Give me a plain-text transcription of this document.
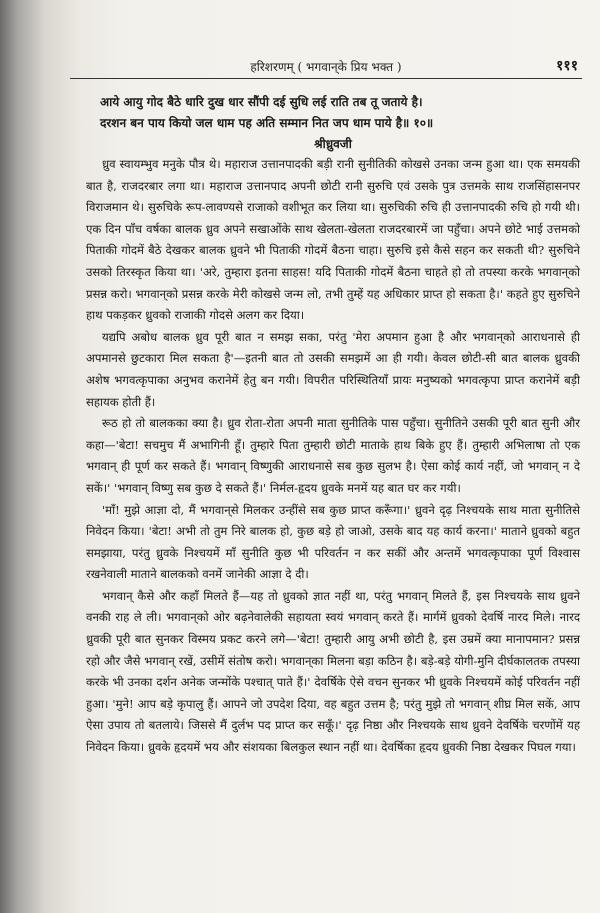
हरिशरणम् ( भगवान्‌के प्रिय भक्त )	१११

आये आयु गोद बैठे धारि दुख धार सौंपी दई सुधि लई राति तब तू जताये है।

दरशन बन पाय कियो जल धाम पह अति सम्मान नित जप धाम पाये है॥ १०॥

श्रीध्रुवजी

ध्रुव स्वायम्भुव मनुके पौत्र थे। महाराज उत्तानपादकी बड़ी रानी सुनीतिकी कोखसे उनका जन्म हुआ था। एक समयकी बात है, राजदरबार लगा था। महाराज उत्तानपाद अपनी छोटी रानी सुरुचि एवं उसके पुत्र उत्तमके साथ राजसिंहासनपर विराजमान थे। सुरुचिके रूप-लावण्यसे राजाको वशीभूत कर लिया था। सुरुचिकी रुचि ही उत्तानपादकी रुचि हो गयी थी। एक दिन पाँच वर्षका बालक ध्रुव अपने सखाओंके साथ खेलता-खेलता राजदरबारमें जा पहुँचा। अपने छोटे भाई उत्तमको पिताकी गोदमें बैठे देखकर बालक ध्रुवने भी पिताकी गोदमें बैठना चाहा। सुरुचि इसे कैसे सहन कर सकती थी? सुरुचिने उसको तिरस्कृत किया था। 'अरे, तुम्हारा इतना साहस! यदि पिताकी गोदमें बैठना चाहते हो तो तपस्या करके भगवान्‌को प्रसन्न करो। भगवान्‌को प्रसन्न करके मेरी कोखसे जन्म लो, तभी तुम्हें यह अधिकार प्राप्त हो सकता है।' कहते हुए सुरुचिने हाथ पकड़कर ध्रुवको राजाकी गोदसे अलग कर दिया।

यद्यपि अबोध बालक ध्रुव पूरी बात न समझ सका, परंतु 'मेरा अपमान हुआ है और भगवान्‌को आराधनासे ही अपमानसे छुटकारा मिल सकता है'—इतनी बात तो उसकी समझमें आ ही गयी। केवल छोटी-सी बात बालक ध्रुवकी अशेष भगवत्कृपाका अनुभव करानेमें हेतु बन गयी। विपरीत परिस्थितियाँ प्रायः मनुष्यको भगवत्कृपा प्राप्त करानेमें बड़ी सहायक होती हैं।

रूठ हो तो बालकका क्या है। ध्रुव रोता-रोता अपनी माता सुनीतिके पास पहुँचा। सुनीतिने उसकी पूरी बात सुनी और कहा—'बेटा! सचमुच मैं अभागिनी हूँ। तुम्हारे पिता तुम्हारी छोटी माताके हाथ बिके हुए हैं। तुम्हारी अभिलाषा तो एक भगवान् ही पूर्ण कर सकते हैं। भगवान् विष्णुकी आराधनासे सब कुछ सुलभ है। ऐसा कोई कार्य नहीं, जो भगवान् न दे सकें।' 'भगवान् विष्णु सब कुछ दे सकते हैं।' निर्मल-हृदय ध्रुवके मनमें यह बात घर कर गयी।

'माँ! मुझे आज्ञा दो, मैं भगवान्‌से मिलकर उन्हींसे सब कुछ प्राप्त करूँगा।' ध्रुवने दृढ़ निश्चयके साथ माता सुनीतिसे निवेदन किया। 'बेटा! अभी तो तुम निरे बालक हो, कुछ बड़े हो जाओ, उसके बाद यह कार्य करना।' माताने ध्रुवको बहुत समझाया, परंतु ध्रुवके निश्चयमें माँ सुनीति कुछ भी परिवर्तन न कर सकीं और अन्तमें भगवत्कृपाका पूर्ण विश्वास रखनेवाली माताने बालकको वनमें जानेकी आज्ञा दे दी।

भगवान् कैसे और कहाँ मिलते हैं—यह तो ध्रुवको ज्ञात नहीं था, परंतु भगवान् मिलते हैं, इस निश्चयके साथ ध्रुवने वनकी राह ले ली। भगवान्‌को ओर बढ़नेवालेकी सहायता स्वयं भगवान् करते हैं। मार्गमें ध्रुवको देवर्षि नारद मिले। नारद ध्रुवकी पूरी बात सुनकर विस्मय प्रकट करने लगे—'बेटा! तुम्हारी आयु अभी छोटी है, इस उम्रमें क्या मानापमान? प्रसन्न रहो और जैसे भगवान् रखें, उसीमें संतोष करो। भगवान्‌का मिलना बड़ा कठिन है। बड़े-बड़े योगी-मुनि दीर्घकालतक तपस्या करके भी उनका दर्शन अनेक जन्मोंके पश्चात् पाते हैं।' देवर्षिके ऐसे वचन सुनकर भी ध्रुवके निश्चयमें कोई परिवर्तन नहीं हुआ। 'मुने! आप बड़े कृपालु हैं। आपने जो उपदेश दिया, वह बहुत उत्तम है; परंतु मुझे तो भगवान् शीघ्र मिल सकें, आप ऐसा उपाय तो बतलाये। जिससे मैं दुर्लभ पद प्राप्त कर सकूँ।' दृढ़ निष्ठा और निश्चयके साथ ध्रुवने देवर्षिके चरणोंमें यह निवेदन किया। ध्रुवके हृदयमें भय और संशयका बिलकुल स्थान नहीं था। देवर्षिका हृदय ध्रुवकी निष्ठा देखकर पिघल गया।
